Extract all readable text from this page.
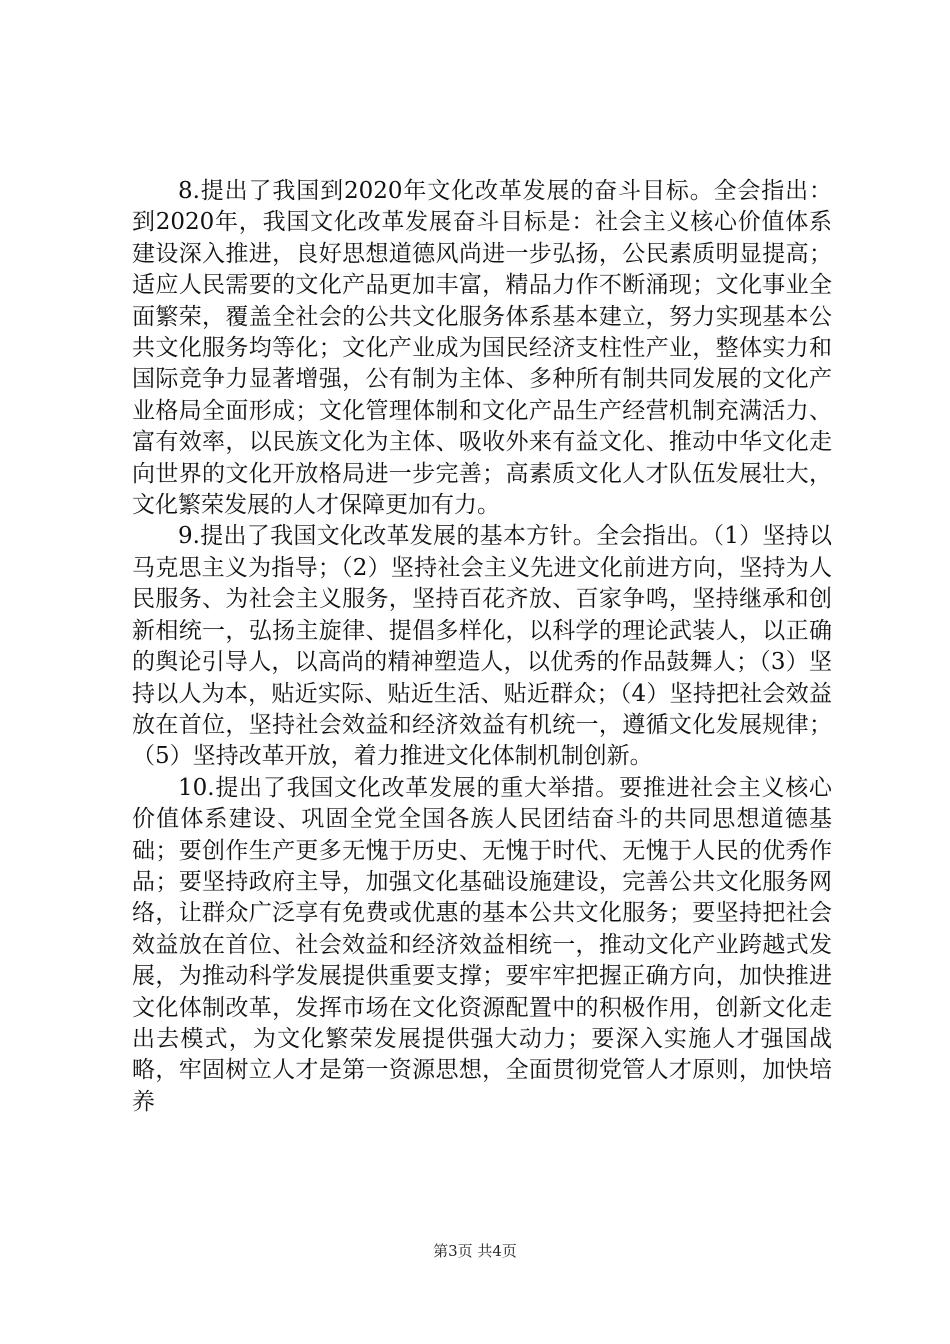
8.提出了我国到2020年文化改革发展的奋斗目标。全会指出：到2020年，我国文化改革发展奋斗目标是：社会主义核心价值体系建设深入推进，良好思想道德风尚进一步弘扬，公民素质明显提高；适应人民需要的文化产品更加丰富，精品力作不断涌现；文化事业全面繁荣，覆盖全社会的公共文化服务体系基本建立，努力实现基本公共文化服务均等化；文化产业成为国民经济支柱性产业，整体实力和国际竞争力显著增强，公有制为主体、多种所有制共同发展的文化产业格局全面形成；文化管理体制和文化产品生产经营机制充满活力、富有效率，以民族文化为主体、吸收外来有益文化、推动中华文化走向世界的文化开放格局进一步完善；高素质文化人才队伍发展壮大，文化繁荣发展的人才保障更加有力。

9.提出了我国文化改革发展的基本方针。全会指出。（1）坚持以马克思主义为指导；（2）坚持社会主义先进文化前进方向，坚持为人民服务、为社会主义服务，坚持百花齐放、百家争鸣，坚持继承和创新相统一，弘扬主旋律、提倡多样化，以科学的理论武装人，以正确的舆论引导人，以高尚的精神塑造人，以优秀的作品鼓舞人；（3）坚持以人为本，贴近实际、贴近生活、贴近群众；（4）坚持把社会效益放在首位，坚持社会效益和经济效益有机统一，遵循文化发展规律；（5）坚持改革开放，着力推进文化体制机制创新。

10.提出了我国文化改革发展的重大举措。要推进社会主义核心价值体系建设、巩固全党全国各族人民团结奋斗的共同思想道德基础；要创作生产更多无愧于历史、无愧于时代、无愧于人民的优秀作品；要坚持政府主导，加强文化基础设施建设，完善公共文化服务网络，让群众广泛享有免费或优惠的基本公共文化服务；要坚持把社会效益放在首位、社会效益和经济效益相统一，推动文化产业跨越式发展，为推动科学发展提供重要支撑；要牢牢把握正确方向，加快推进文化体制改革，发挥市场在文化资源配置中的积极作用，创新文化走出去模式，为文化繁荣发展提供强大动力；要深入实施人才强国战略，牢固树立人才是第一资源思想，全面贯彻党管人才原则，加快培养

第3页 共4页
